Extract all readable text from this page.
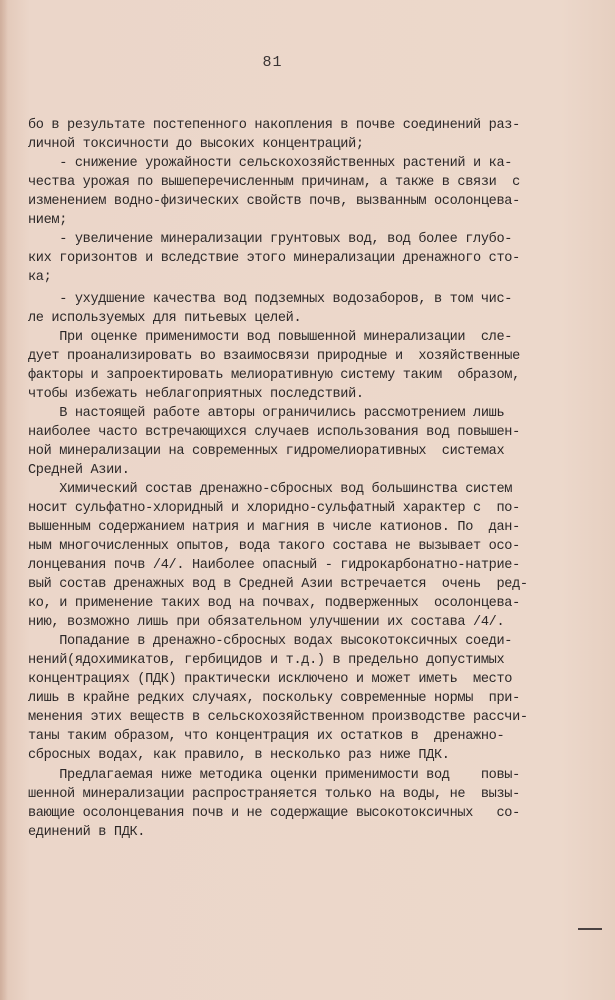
81
бо в результате постепенного накопления в почве соединений раз-
личной токсичности до высоких концентраций;
- снижение урожайности сельскохозяйственных растений и ка-
чества урожая по вышеперечисленным причинам, а также в связи  с
изменением водно-физических свойств почв, вызванным осолонцева-
нием;
- увеличение минерализации грунтовых вод, вод более глубо-
ких горизонтов и вследствие этого минерализации дренажного сто-
ка;
- ухудшение качества вод подземных водозаборов, в том чис-
ле используемых для питьевых целей.
При оценке применимости вод повышенной минерализации  сле-
дует проанализировать во взаимосвязи природные и  хозяйственные
факторы и запроектировать мелиоративную систему таким  образом,
чтобы избежать неблагоприятных последствий.
В настоящей работе авторы ограничились рассмотрением лишь
наиболее часто встречающихся случаев использования вод повышен-
ной минерализации на современных гидромелиоративных  системах
Средней Азии.
Химический состав дренажно-сбросных вод большинства систем
носит сульфатно-хлоридный и хлоридно-сульфатный характер с  по-
вышенным содержанием натрия и магния в числе катионов. По  дан-
ным многочисленных опытов, вода такого состава не вызывает осо-
лонцевания почв /4/. Наиболее опасный - гидрокарбонатно-натрие-
вый состав дренажных вод в Средней Азии встречается  очень  ред-
ко, и применение таких вод на почвах, подверженных  осолонцева-
нию, возможно лишь при обязательном улучшении их состава /4/.
Попадание в дренажно-сбросных водах высокотоксичных соеди-
нений(ядохимикатов, гербицидов и т.д.) в предельно допустимых
концентрациях (ПДК) практически исключено и может иметь  место
лишь в крайне редких случаях, поскольку современные нормы  при-
менения этих веществ в сельскохозяйственном производстве рассчи-
таны таким образом, что концентрация их остатков в  дренажно-
сбросных водах, как правило, в несколько раз ниже ПДК.
Предлагаемая ниже методика оценки применимости вод    повы-
шенной минерализации распространяется только на воды, не  вызы-
вающие осолонцевания почв и не содержащие высокотоксичных   со-
единений в ПДК.
